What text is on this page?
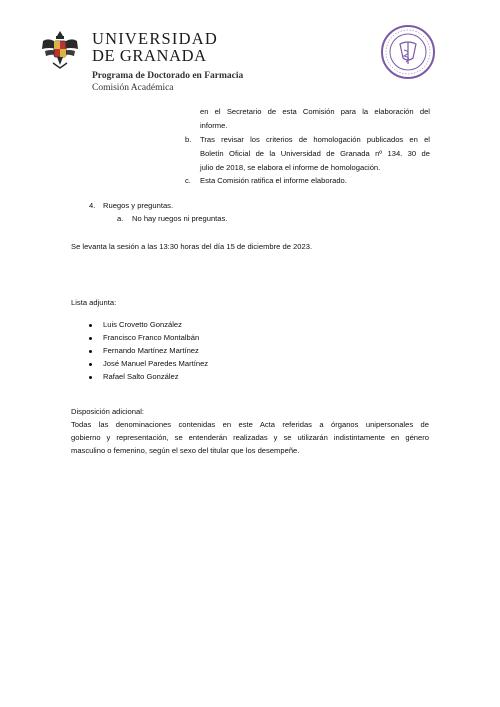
UNIVERSIDAD
DE GRANADA
Programa de Doctorado en Farmacia
Comisión Académica
en el Secretario de esta Comisión para la elaboración del
informe.
b. Tras revisar los criterios de homologación publicados en el
Boletín Oficial de la Universidad de Granada nº 134. 30 de
julio de 2018, se elabora el informe de homologación.
c. Esta Comisión ratifica el informe elaborado.
4. Ruegos y preguntas.
a. No hay ruegos ni preguntas.
Se levanta la sesión a las 13:30 horas del día 15 de diciembre de 2023.
Lista adjunta:
Luis Crovetto González
Francisco Franco Montalbán
Fernando Martínez Martínez
José Manuel Paredes Martínez
Rafael Salto González
Disposición adicional:
Todas las denominaciones contenidas en este Acta referidas a órganos unipersonales de
gobierno y representación, se entenderán realizadas y se utilizarán indistintamente en género
masculino o femenino, según el sexo del titular que los desempeñe.
